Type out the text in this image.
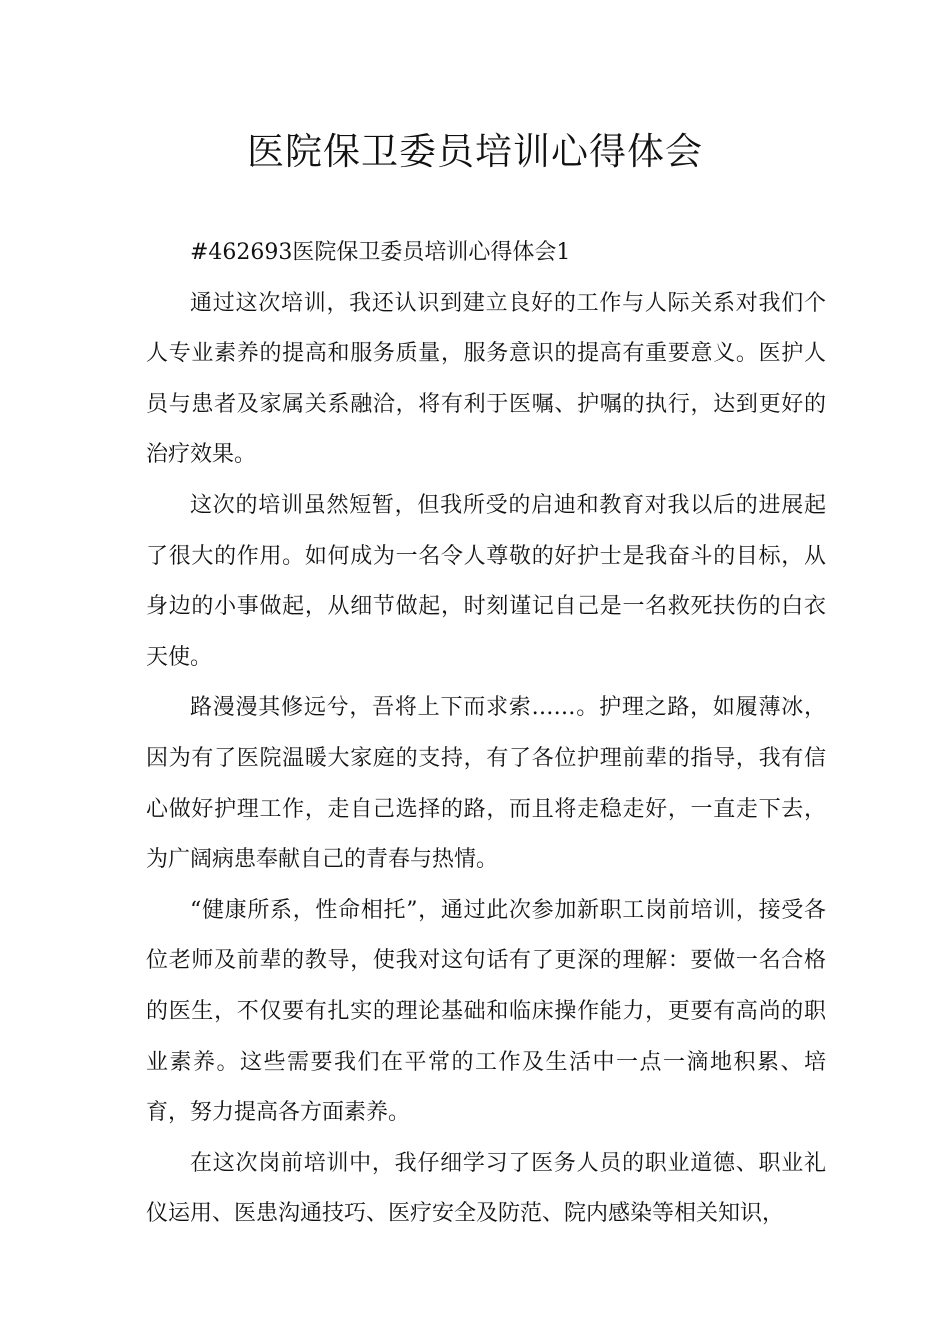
医院保卫委员培训心得体会

#462693医院保卫委员培训心得体会1

通过这次培训，我还认识到建立良好的工作与人际关系对我们个人专业素养的提高和服务质量，服务意识的提高有重要意义。医护人员与患者及家属关系融洽，将有利于医嘱、护嘱的执行，达到更好的治疗效果。

这次的培训虽然短暂，但我所受的启迪和教育对我以后的进展起了很大的作用。如何成为一名令人尊敬的好护士是我奋斗的目标，从身边的小事做起，从细节做起，时刻谨记自己是一名救死扶伤的白衣天使。

路漫漫其修远兮，吾将上下而求索……。护理之路，如履薄冰，因为有了医院温暖大家庭的支持，有了各位护理前辈的指导，我有信心做好护理工作，走自己选择的路，而且将走稳走好，一直走下去，为广阔病患奉献自己的青春与热情。

“健康所系，性命相托”，通过此次参加新职工岗前培训，接受各位老师及前辈的教导，使我对这句话有了更深的理解：要做一名合格的医生，不仅要有扎实的理论基础和临床操作能力，更要有高尚的职业素养。这些需要我们在平常的工作及生活中一点一滴地积累、培育，努力提高各方面素养。

在这次岗前培训中，我仔细学习了医务人员的职业道德、职业礼仪运用、医患沟通技巧、医疗安全及防范、院内感染等相关知识，
